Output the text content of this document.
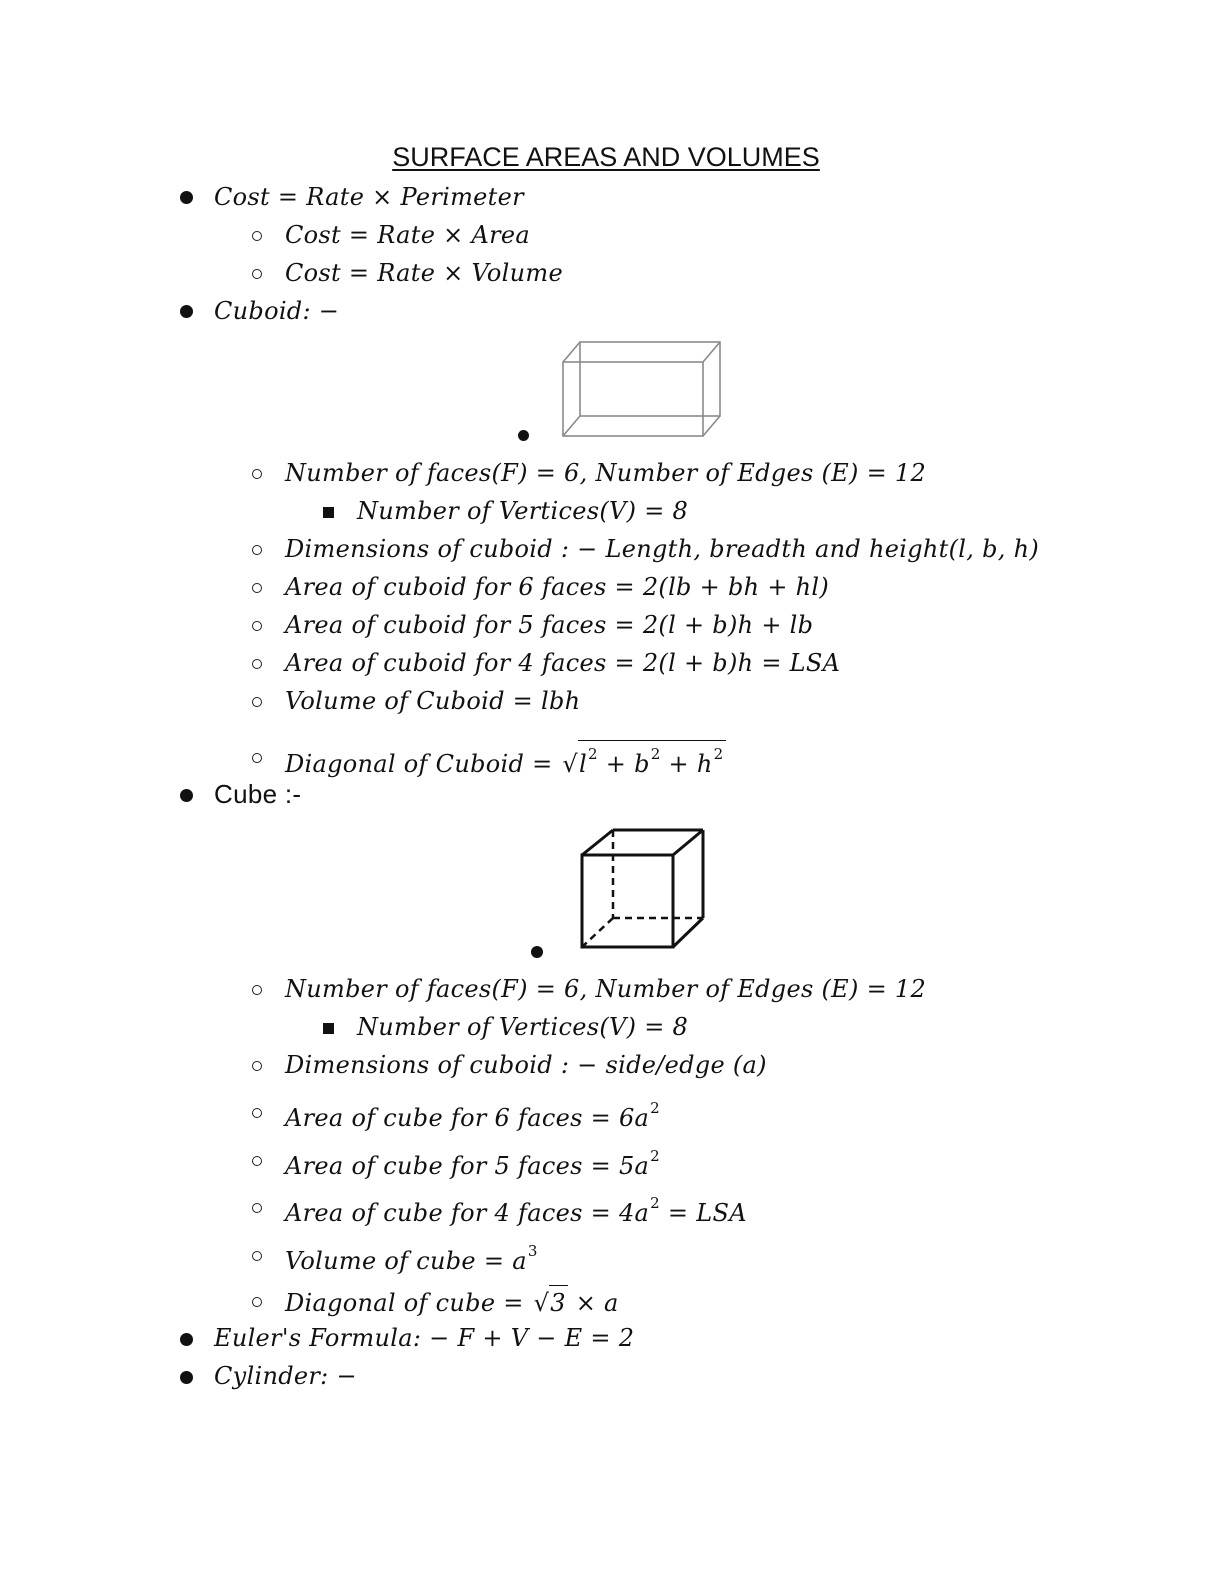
SURFACE AREAS AND VOLUMES
Cost = Rate × Perimeter
Cost = Rate × Area
Cost = Rate × Volume
Cuboid: −
Number of faces(F) = 6, Number of Edges (E) = 12
Number of Vertices(V) = 8
Dimensions of cuboid : − Length, breadth and height(l, b, h)
Area of cuboid for 6 faces = 2(lb + bh + hl)
Area of cuboid for 5 faces = 2(l + b)h + lb
Area of cuboid for 4 faces = 2(l + b)h = LSA
Volume of Cuboid = lbh
Diagonal of Cuboid = $√l^2 + b^2 + h^2$
Cube :-
Number of faces(F) = 6, Number of Edges (E) = 12
Number of Vertices(V) = 8
Dimensions of cuboid : − side/edge (a)
Area of cube for 6 faces = $6a^2$
Area of cube for 5 faces = $5a^2$
Area of cube for 4 faces = $4a^2$ = LSA
Volume of cube = $a^3$
Diagonal of cube = √3 × a
Euler's Formula: − F + V − E = 2
Cylinder: −
